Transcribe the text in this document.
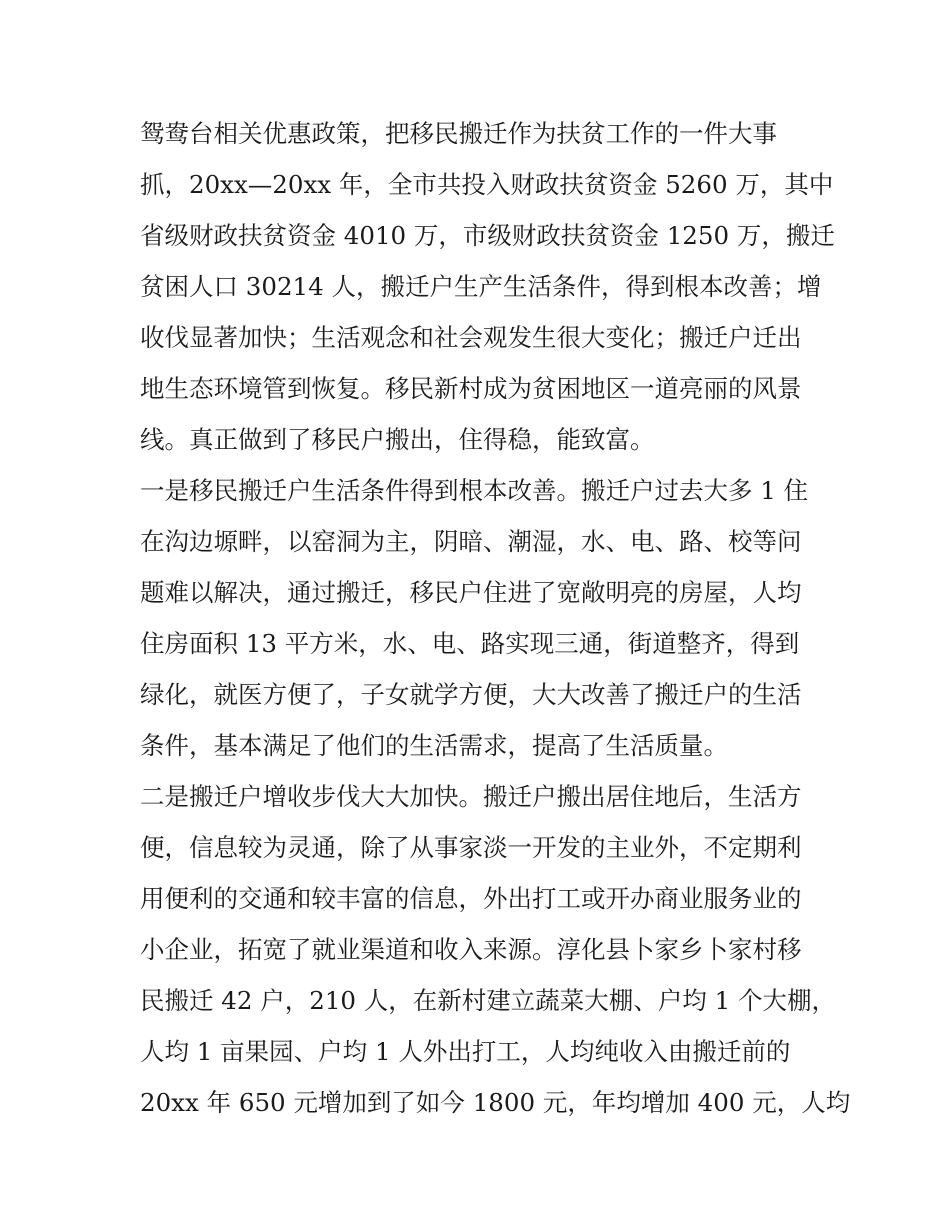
鸳鸯台相关优惠政策，把移民搬迁作为扶贫工作的一件大事
抓，20xx—20xx 年，全市共投入财政扶贫资金 5260 万，其中
省级财政扶贫资金 4010 万，市级财政扶贫资金 1250 万，搬迁
贫困人口 30214 人，搬迁户生产生活条件，得到根本改善；增
收伐显著加快；生活观念和社会观发生很大变化；搬迁户迁出
地生态环境管到恢复。移民新村成为贫困地区一道亮丽的风景
线。真正做到了移民户搬出，住得稳，能致富。
一是移民搬迁户生活条件得到根本改善。搬迁户过去大多 1 住
在沟边塬畔，以窑洞为主，阴暗、潮湿，水、电、路、校等问
题难以解决，通过搬迁，移民户住进了宽敞明亮的房屋，人均
住房面积 13 平方米，水、电、路实现三通，街道整齐，得到
绿化，就医方便了，子女就学方便，大大改善了搬迁户的生活
条件，基本满足了他们的生活需求，提高了生活质量。
二是搬迁户增收步伐大大加快。搬迁户搬出居住地后，生活方
便，信息较为灵通，除了从事家淡一开发的主业外，不定期利
用便利的交通和较丰富的信息，外出打工或开办商业服务业的
小企业，拓宽了就业渠道和收入来源。淳化县卜家乡卜家村移
民搬迁 42 户，210 人，在新村建立蔬菜大棚、户均 1 个大棚，
人均 1 亩果园、户均 1 人外出打工，人均纯收入由搬迁前的
20xx 年 650 元增加到了如今 1800 元，年均增加 400 元，人均
